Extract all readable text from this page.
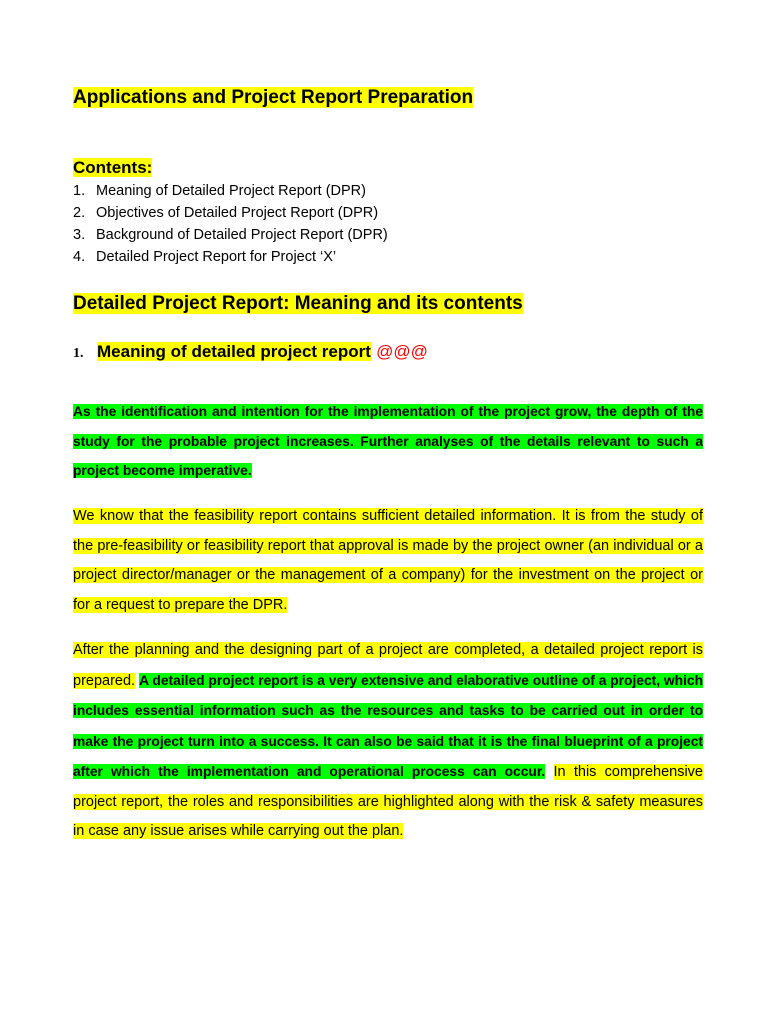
Applications and Project Report Preparation
Contents:
1. Meaning of Detailed Project Report (DPR)
2. Objectives of Detailed Project Report (DPR)
3. Background of Detailed Project Report (DPR)
4. Detailed Project Report for Project ‘X’
Detailed Project Report: Meaning and its contents
1. Meaning of detailed project report @@@

As the identification and intention for the implementation of the project grow, the depth of the study for the probable project increases. Further analyses of the details relevant to such a project become imperative.

We know that the feasibility report contains sufficient detailed information. It is from the study of the pre-feasibility or feasibility report that approval is made by the project owner (an individual or a project director/manager or the management of a company) for the investment on the project or for a request to prepare the DPR.

After the planning and the designing part of a project are completed, a detailed project report is prepared. A detailed project report is a very extensive and elaborative outline of a project, which includes essential information such as the resources and tasks to be carried out in order to make the project turn into a success. It can also be said that it is the final blueprint of a project after which the implementation and operational process can occur. In this comprehensive project report, the roles and responsibilities are highlighted along with the risk & safety measures in case any issue arises while carrying out the plan.
